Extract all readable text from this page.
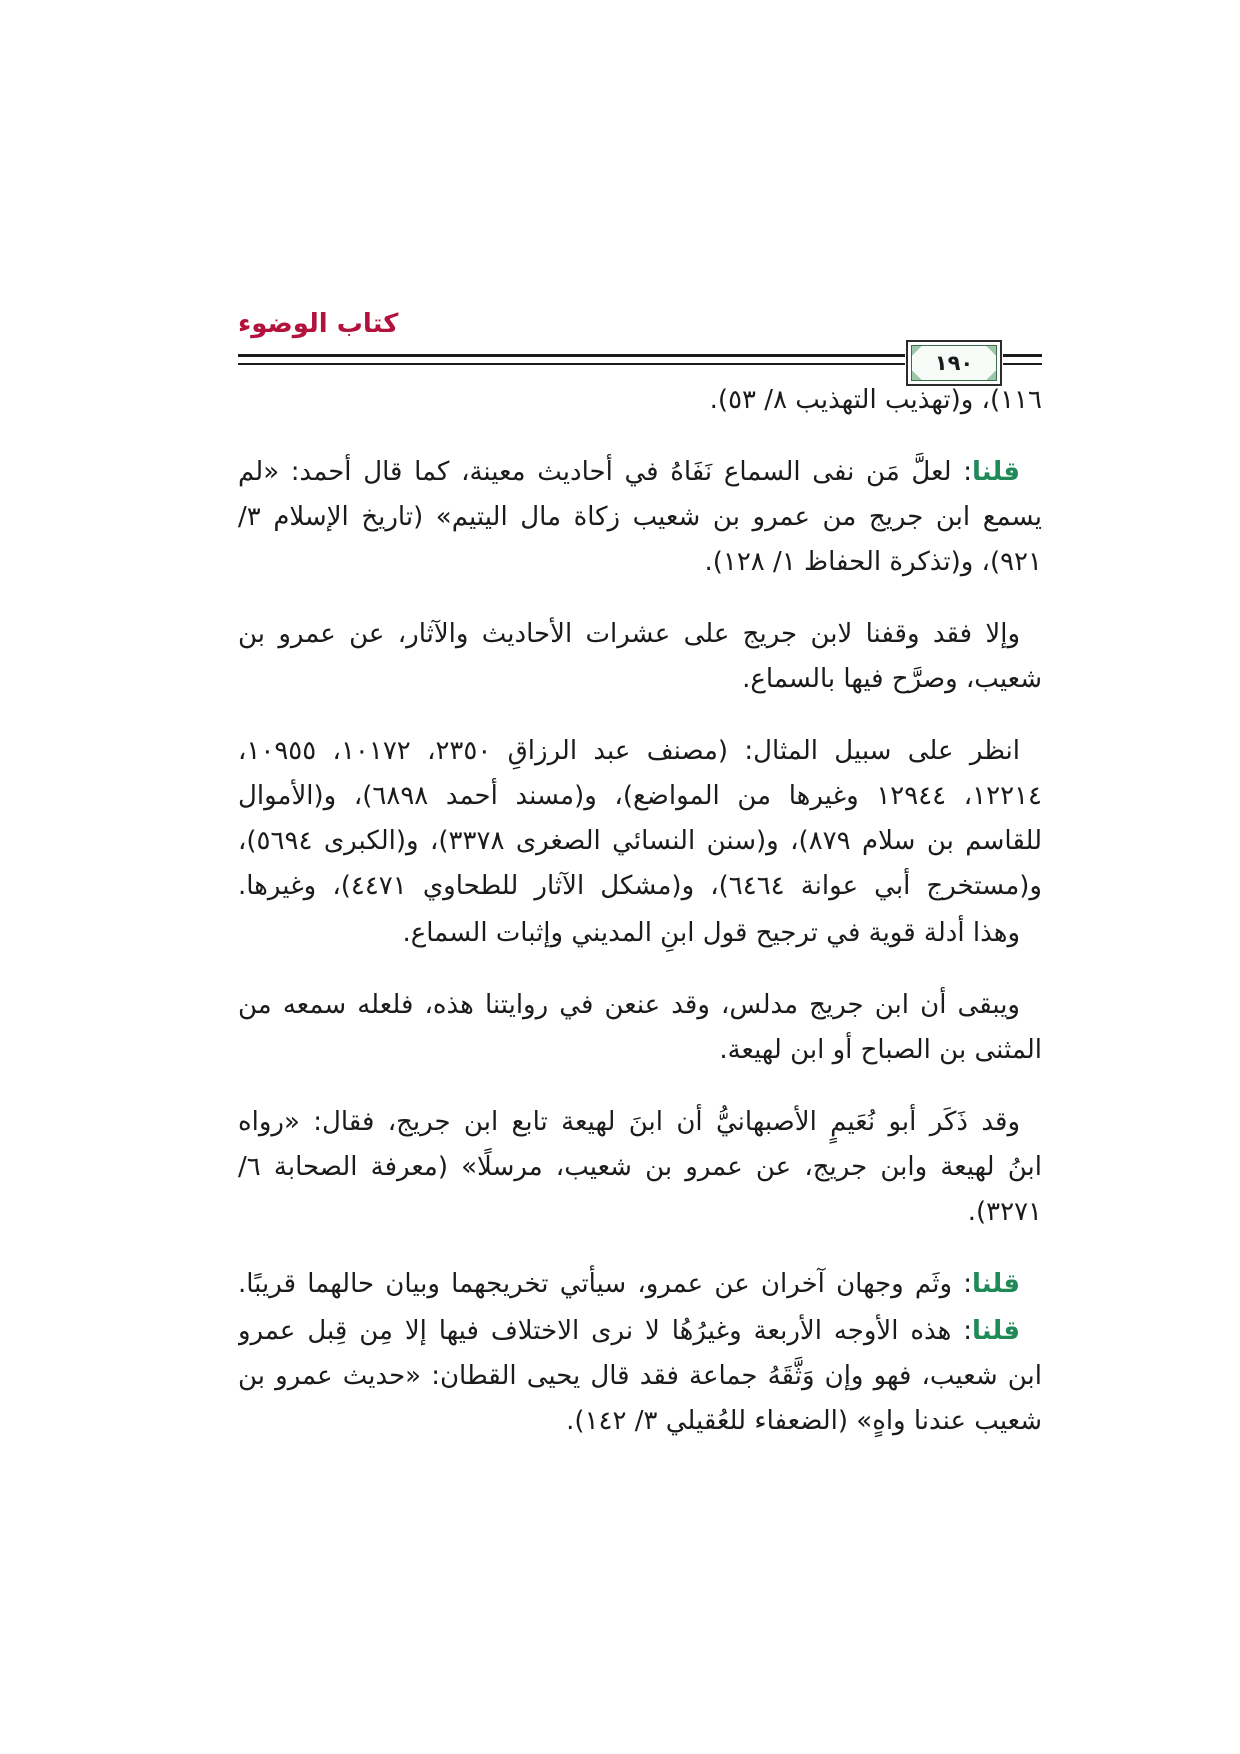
كتاب الوضوء
١٩٠
١١٦)، و(تهذيب التهذيب ٨/ ٥٣).
قلنا: لعلَّ مَن نفى السماع نَفَاهُ في أحاديث معينة، كما قال أحمد: «لم
يسمع ابن جريج من عمرو بن شعيب زكاة مال اليتيم» (تاريخ الإسلام ٣/
٩٢١)، و(تذكرة الحفاظ ١/ ١٢٨).
وإلا فقد وقفنا لابن جريج على عشرات الأحاديث والآثار، عن عمرو بن
شعيب، وصرَّح فيها بالسماع.
انظر على سبيل المثال: (مصنف عبد الرزاقِ ٢٣٥٠، ١٠١٧٢، ١٠٩٥٥،
١٢٢١٤، ١٢٩٤٤ وغيرها من المواضع)، و(مسند أحمد ٦٨٩٨)، و(الأموال
للقاسم بن سلام ٨٧٩)، و(سنن النسائي الصغرى ٣٣٧٨)، و(الكبرى ٥٦٩٤)،
و(مستخرج أبي عوانة ٦٤٦٤)، و(مشكل الآثار للطحاوي ٤٤٧١)، وغيرها.
وهذا أدلة قوية في ترجيح قول ابنِ المديني وإثبات السماع.
ويبقى أن ابن جريج مدلس، وقد عنعن في روايتنا هذه، فلعله سمعه من
المثنى بن الصباح أو ابن لهيعة.
وقد ذَكَر أبو نُعَيمٍ الأصبهانيُّ أن ابنَ لهيعة تابع ابن جريج، فقال: «رواه
ابنُ لهيعة وابن جريج، عن عمرو بن شعيب، مرسلًا» (معرفة الصحابة ٦/
٣٢٧١).
قلنا: وثَم وجهان آخران عن عمرو، سيأتي تخريجهما وبيان حالهما قريبًا.
قلنا: هذه الأوجه الأربعة وغيرُهُا لا نرى الاختلاف فيها إلا مِن قِبل عمرو
ابن شعيب، فهو وإن وَثَّقَهُ جماعة فقد قال يحيى القطان: «حديث عمرو بن
شعيب عندنا واهٍ» (الضعفاء للعُقيلي ٣/ ١٤٢).
